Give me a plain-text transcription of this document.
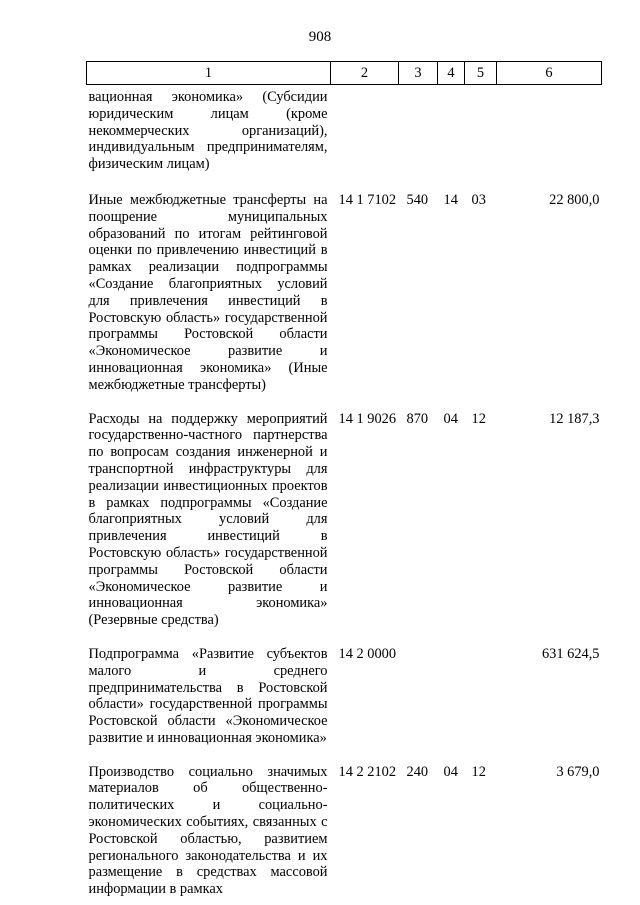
908
1	2	3	4	5	6
вационная экономика» (Субсидии юридическим лицам (кроме некоммерческих организаций), индивидуальным предпринимателям, физическим лицам)					
Иные межбюджетные трансферты на поощрение муниципальных образований по итогам рейтинговой оценки по привлечению инвестиций в рамках реализации подпрограммы «Создание благоприятных условий для привлечения инвестиций в Ростовскую область» государственной программы Ростовской области «Экономическое развитие и инновационная экономика» (Иные межбюджетные трансферты)	14 1 7102	540	14	03	22 800,0
Расходы на поддержку мероприятий государственно-частного партнерства по вопросам создания инженерной и транспортной инфраструктуры для реализации инвестиционных проектов в рамках подпрограммы «Создание благоприятных условий для привлечения инвестиций в Ростовскую область» государственной программы Ростовской области «Экономическое развитие и инновационная экономика» (Резервные средства)	14 1 9026	870	04	12	12 187,3
Подпрограмма «Развитие субъектов малого и среднего предпринимательства в Ростовской области» государственной программы Ростовской области «Экономическое развитие и инновационная экономика»	14 2 0000				631 624,5
Производство социально значимых материалов об общественно-политических и социально-экономических событиях, связанных с Ростовской областью, развитием регионального законодательства и их размещение в средствах массовой информации в рамках	14 2 2102	240	04	12	3 679,0
